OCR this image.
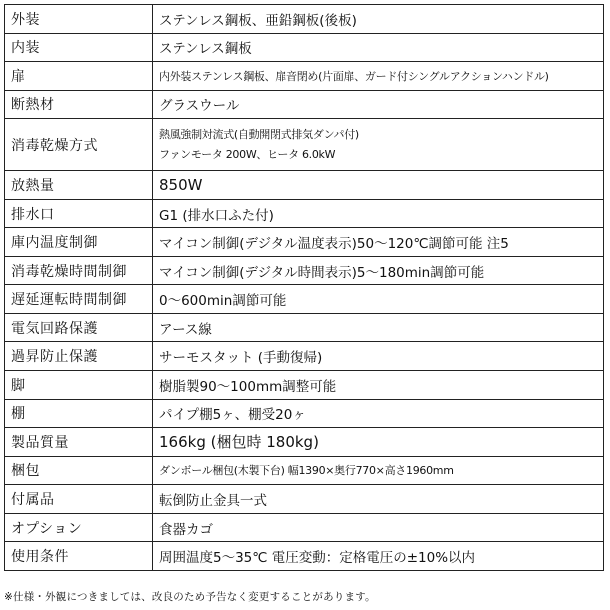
外装	ステンレス鋼板、亜鉛鋼板(後板)
内装	ステンレス鋼板
扉	内外装ステンレス鋼板、扉音閉め(片面扉、ガード付シングルアクションハンドル)
断熱材	グラスウール
消毒乾燥方式	熱風強制対流式(自動開閉式排気ダンパ付)
ファンモータ 200W、ヒータ 6.0kW

放熱量	850W
排水口	G1 (排水口ふた付)
庫内温度制御	マイコン制御(デジタル温度表示)50～120℃調節可能 注5
消毒乾燥時間制御	マイコン制御(デジタル時間表示)5～180min調節可能
遅延運転時間制御	0～600min調節可能
電気回路保護	アース線
過昇防止保護	サーモスタット (手動復帰)
脚	樹脂製90～100mm調整可能
棚	パイプ棚5ヶ、棚受20ヶ
製品質量	166kg (梱包時 180kg)
梱包	ダンボール梱包(木製下台) 幅1390×奥行770×高さ1960mm
付属品	転倒防止金具一式
オプション	食器カゴ
使用条件	周囲温度5～35℃ 電圧変動：定格電圧の±10%以内
※仕様・外観につきましては、改良のため予告なく変更することがあります。
